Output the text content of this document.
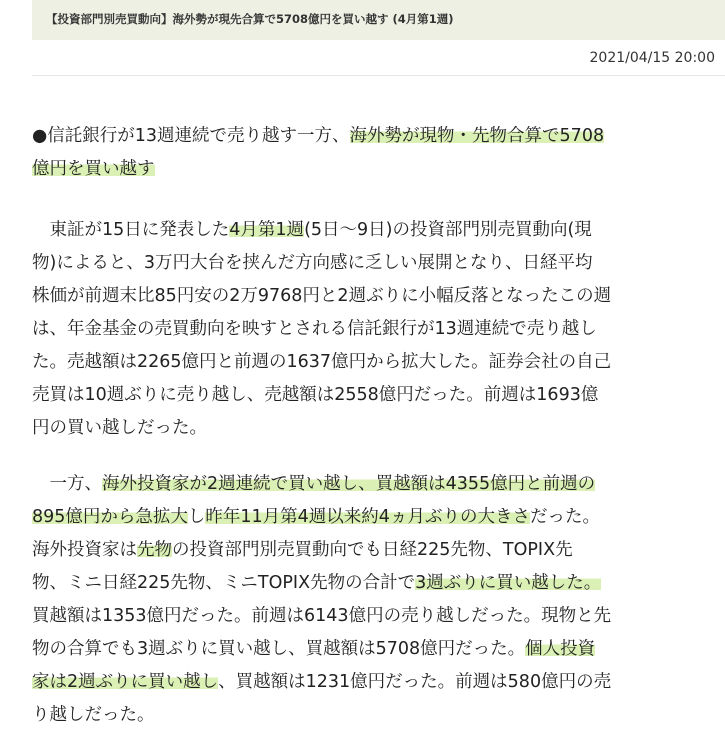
【投資部門別売買動向】海外勢が現先合算で5708億円を買い越す (4月第1週)
2021/04/15 20:00
●信託銀行が13週連続で売り越す一方、海外勢が現物・先物合算で5708
億円を買い越す
　東証が15日に発表した4月第1週(5日〜9日)の投資部門別売買動向(現
物)によると、3万円大台を挟んだ方向感に乏しい展開となり、日経平均
株価が前週末比85円安の2万9768円と2週ぶりに小幅反落となったこの週
は、年金基金の売買動向を映すとされる信託銀行が13週連続で売り越し
た。売越額は2265億円と前週の1637億円から拡大した。証券会社の自己
売買は10週ぶりに売り越し、売越額は2558億円だった。前週は1693億
円の買い越しだった。
　一方、海外投資家が2週連続で買い越し、買越額は4355億円と前週の
895億円から急拡大し昨年11月第4週以来約4ヵ月ぶりの大きさだった。
海外投資家は先物の投資部門別売買動向でも日経225先物、TOPIX先
物、ミニ日経225先物、ミニTOPIX先物の合計で3週ぶりに買い越した。
買越額は1353億円だった。前週は6143億円の売り越しだった。現物と先
物の合算でも3週ぶりに買い越し、買越額は5708億円だった。個人投資
家は2週ぶりに買い越し、買越額は1231億円だった。前週は580億円の売
り越しだった。
